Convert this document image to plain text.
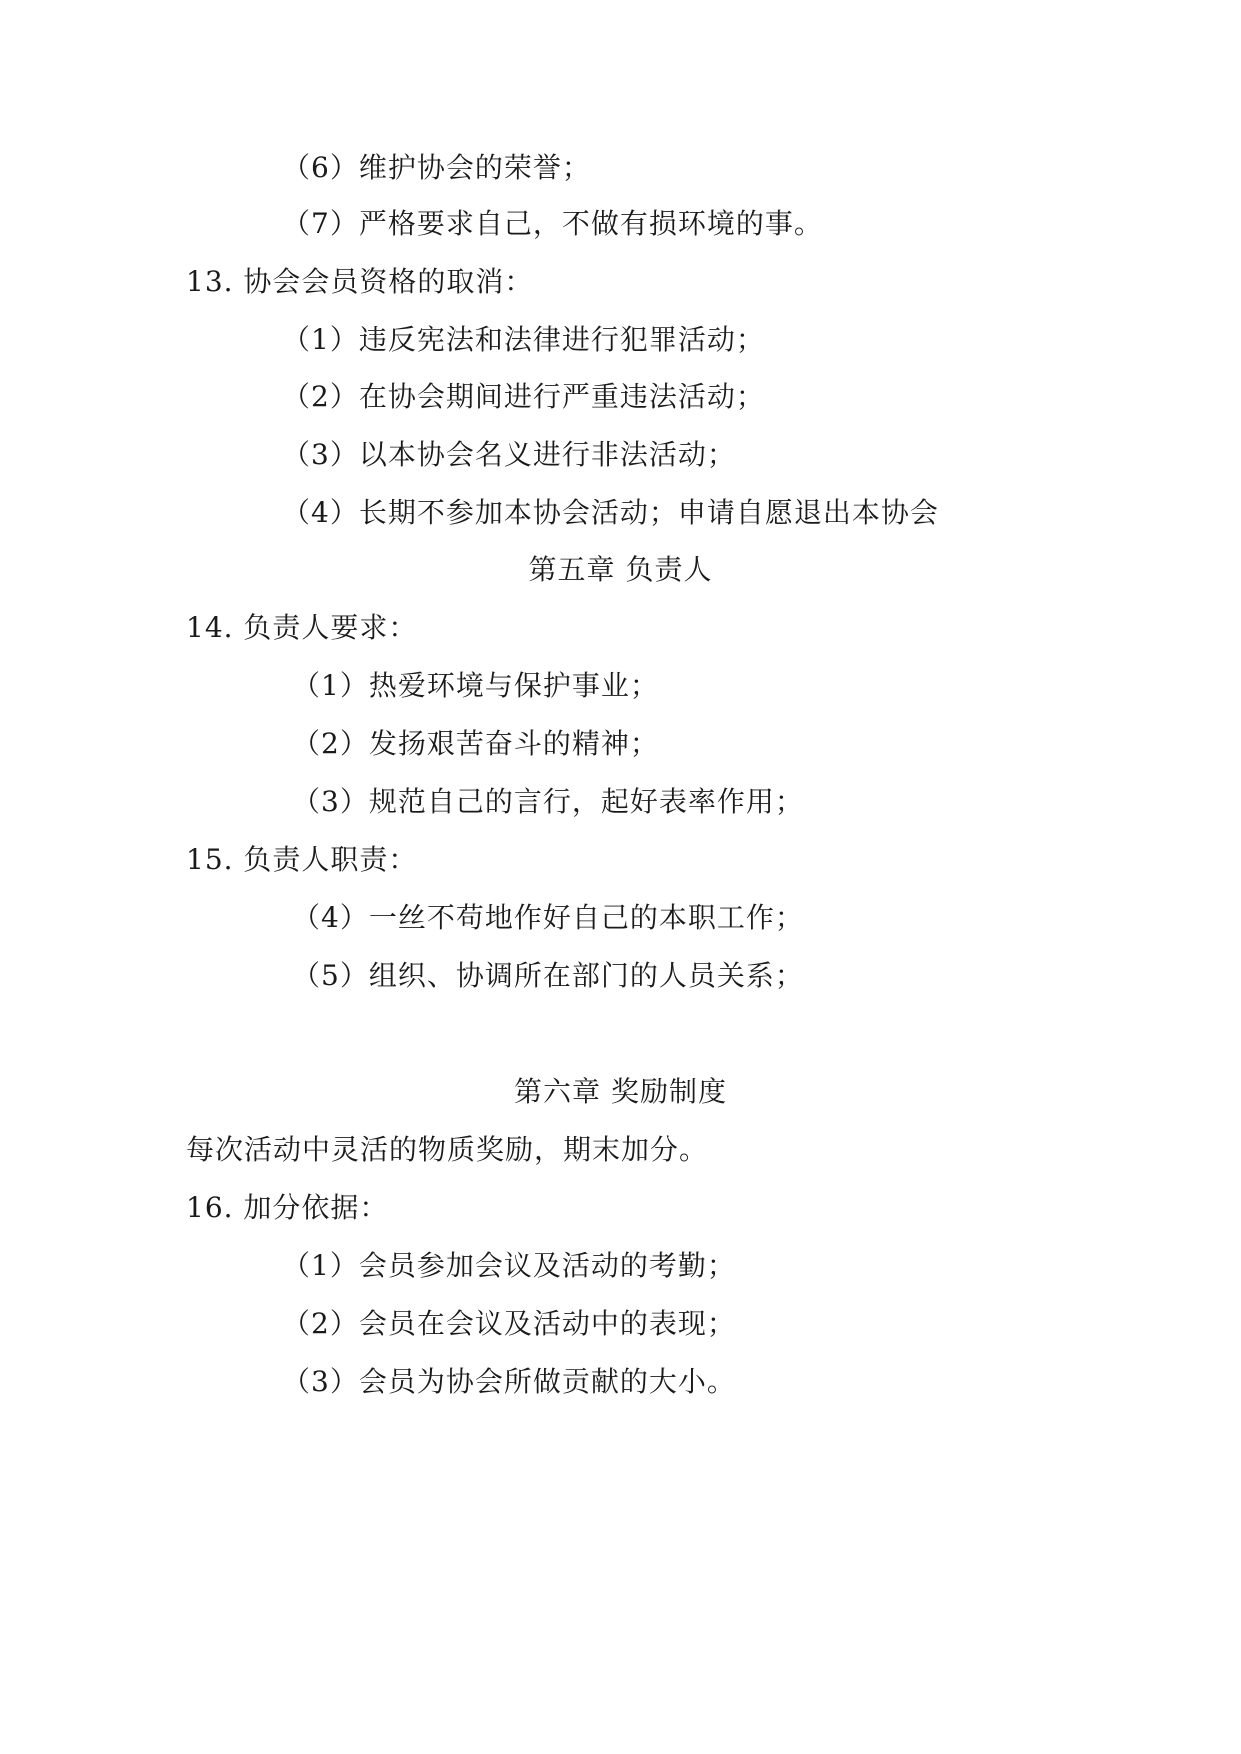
（6）维护协会的荣誉；
（7）严格要求自己，不做有损环境的事。
13. 协会会员资格的取消：
（1）违反宪法和法律进行犯罪活动；
（2）在协会期间进行严重违法活动；
（3）以本协会名义进行非法活动；
（4）长期不参加本协会活动；申请自愿退出本协会
第五章 负责人
14. 负责人要求：
（1）热爱环境与保护事业；
（2）发扬艰苦奋斗的精神；
（3）规范自己的言行，起好表率作用；
15. 负责人职责：
（4）一丝不苟地作好自己的本职工作；
（5）组织、协调所在部门的人员关系；
第六章 奖励制度
每次活动中灵活的物质奖励，期末加分。
16. 加分依据：
（1）会员参加会议及活动的考勤；
（2）会员在会议及活动中的表现；
（3）会员为协会所做贡献的大小。
